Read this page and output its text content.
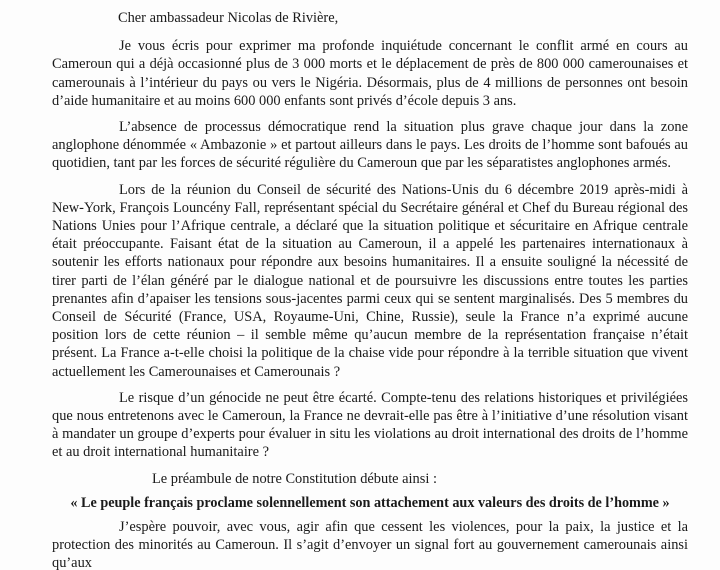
Cher ambassadeur Nicolas de Rivière,

Je vous écris pour exprimer ma profonde inquiétude concernant le conflit armé en cours au Cameroun qui a déjà occasionné plus de 3 000 morts et le déplacement de près de 800 000 camerounaises et camerounais à l’intérieur du pays ou vers le Nigéria. Désormais, plus de 4 millions de personnes ont besoin d’aide humanitaire et au moins 600 000 enfants sont privés d’école depuis 3 ans.

L’absence de processus démocratique rend la situation plus grave chaque jour dans la zone anglophone dénommée « Ambazonie » et partout ailleurs dans le pays. Les droits de l’homme sont bafoués au quotidien, tant par les forces de sécurité régulière du Cameroun que par les séparatistes anglophones armés.

Lors de la réunion du Conseil de sécurité des Nations-Unis du 6 décembre 2019 après-midi à New-York, François Louncény Fall, représentant spécial du Secrétaire général et Chef du Bureau régional des Nations Unies pour l’Afrique centrale, a déclaré que la situation politique et sécuritaire en Afrique centrale était préoccupante. Faisant état de la situation au Cameroun, il a appelé les partenaires internationaux à soutenir les efforts nationaux pour répondre aux besoins humanitaires. Il a ensuite souligné la nécessité de tirer parti de l’élan généré par le dialogue national et de poursuivre les discussions entre toutes les parties prenantes afin d’apaiser les tensions sous-jacentes parmi ceux qui se sentent marginalisés. Des 5 membres du Conseil de Sécurité (France, USA, Royaume-Uni, Chine, Russie), seule la France n’a exprimé aucune position lors de cette réunion – il semble même qu’aucun membre de la représentation française n’était présent. La France a-t-elle choisi la politique de la chaise vide pour répondre à la terrible situation que vivent actuellement les Camerounaises et Camerounais ?

Le risque d’un génocide ne peut être écarté. Compte-tenu des relations historiques et privilégiées que nous entretenons avec le Cameroun, la France ne devrait-elle pas être à l’initiative d’une résolution visant à mandater un groupe d’experts pour évaluer in situ les violations au droit international des droits de l’homme et au droit international humanitaire ?

Le préambule de notre Constitution débute ainsi :

« Le peuple français proclame solennellement son attachement aux valeurs des droits de l’homme »

J’espère pouvoir, avec vous, agir afin que cessent les violences, pour la paix, la justice et la protection des minorités au Cameroun. Il s’agit d’envoyer un signal fort au gouvernement camerounais ainsi qu’aux
